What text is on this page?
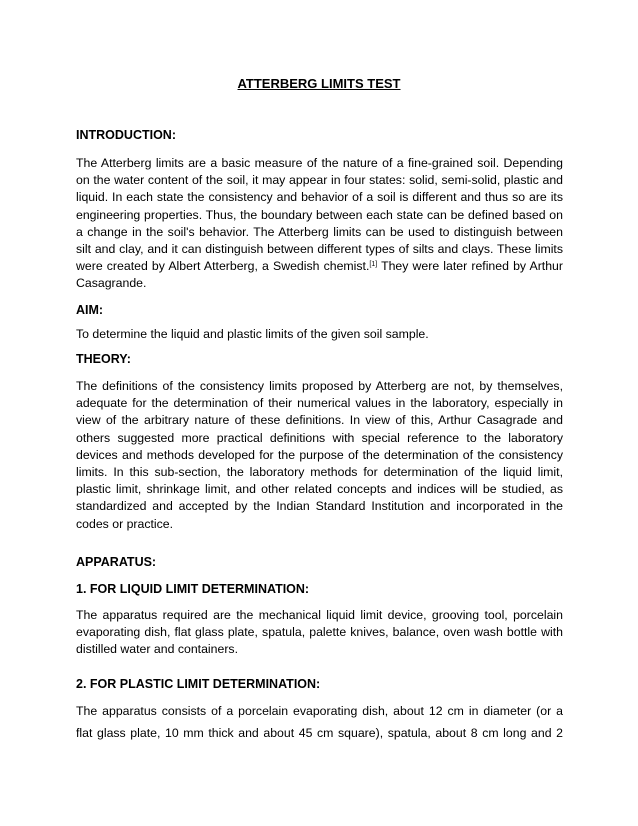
ATTERBERG LIMITS TEST
INTRODUCTION:
The Atterberg limits are a basic measure of the nature of a fine-grained soil. Depending on the water content of the soil, it may appear in four states: solid, semi-solid, plastic and liquid. In each state the consistency and behavior of a soil is different and thus so are its engineering properties. Thus, the boundary between each state can be defined based on a change in the soil's behavior. The Atterberg limits can be used to distinguish between silt and clay, and it can distinguish between different types of silts and clays. These limits were created by Albert Atterberg, a Swedish chemist.[1] They were later refined by Arthur Casagrande.
AIM:
To determine the liquid and plastic limits of the given soil sample.
THEORY:
The definitions of the consistency limits proposed by Atterberg are not, by themselves, adequate for the determination of their numerical values in the laboratory, especially in view of the arbitrary nature of these definitions. In view of this, Arthur Casagrade and others suggested more practical definitions with special reference to the laboratory devices and methods developed for the purpose of the determination of the consistency limits. In this sub-section, the laboratory methods for determination of the liquid limit, plastic limit, shrinkage limit, and other related concepts and indices will be studied, as standardized and accepted by the Indian Standard Institution and incorporated in the codes or practice.
APPARATUS:
1. FOR LIQUID LIMIT DETERMINATION:
The apparatus required are the mechanical liquid limit device, grooving tool, porcelain evaporating dish, flat glass plate, spatula, palette knives, balance, oven wash bottle with distilled water and containers.
2. FOR PLASTIC LIMIT DETERMINATION:
The apparatus consists of a porcelain evaporating dish, about 12 cm in diameter (or a
flat glass plate, 10 mm thick and about 45 cm square), spatula, about 8 cm long and 2
